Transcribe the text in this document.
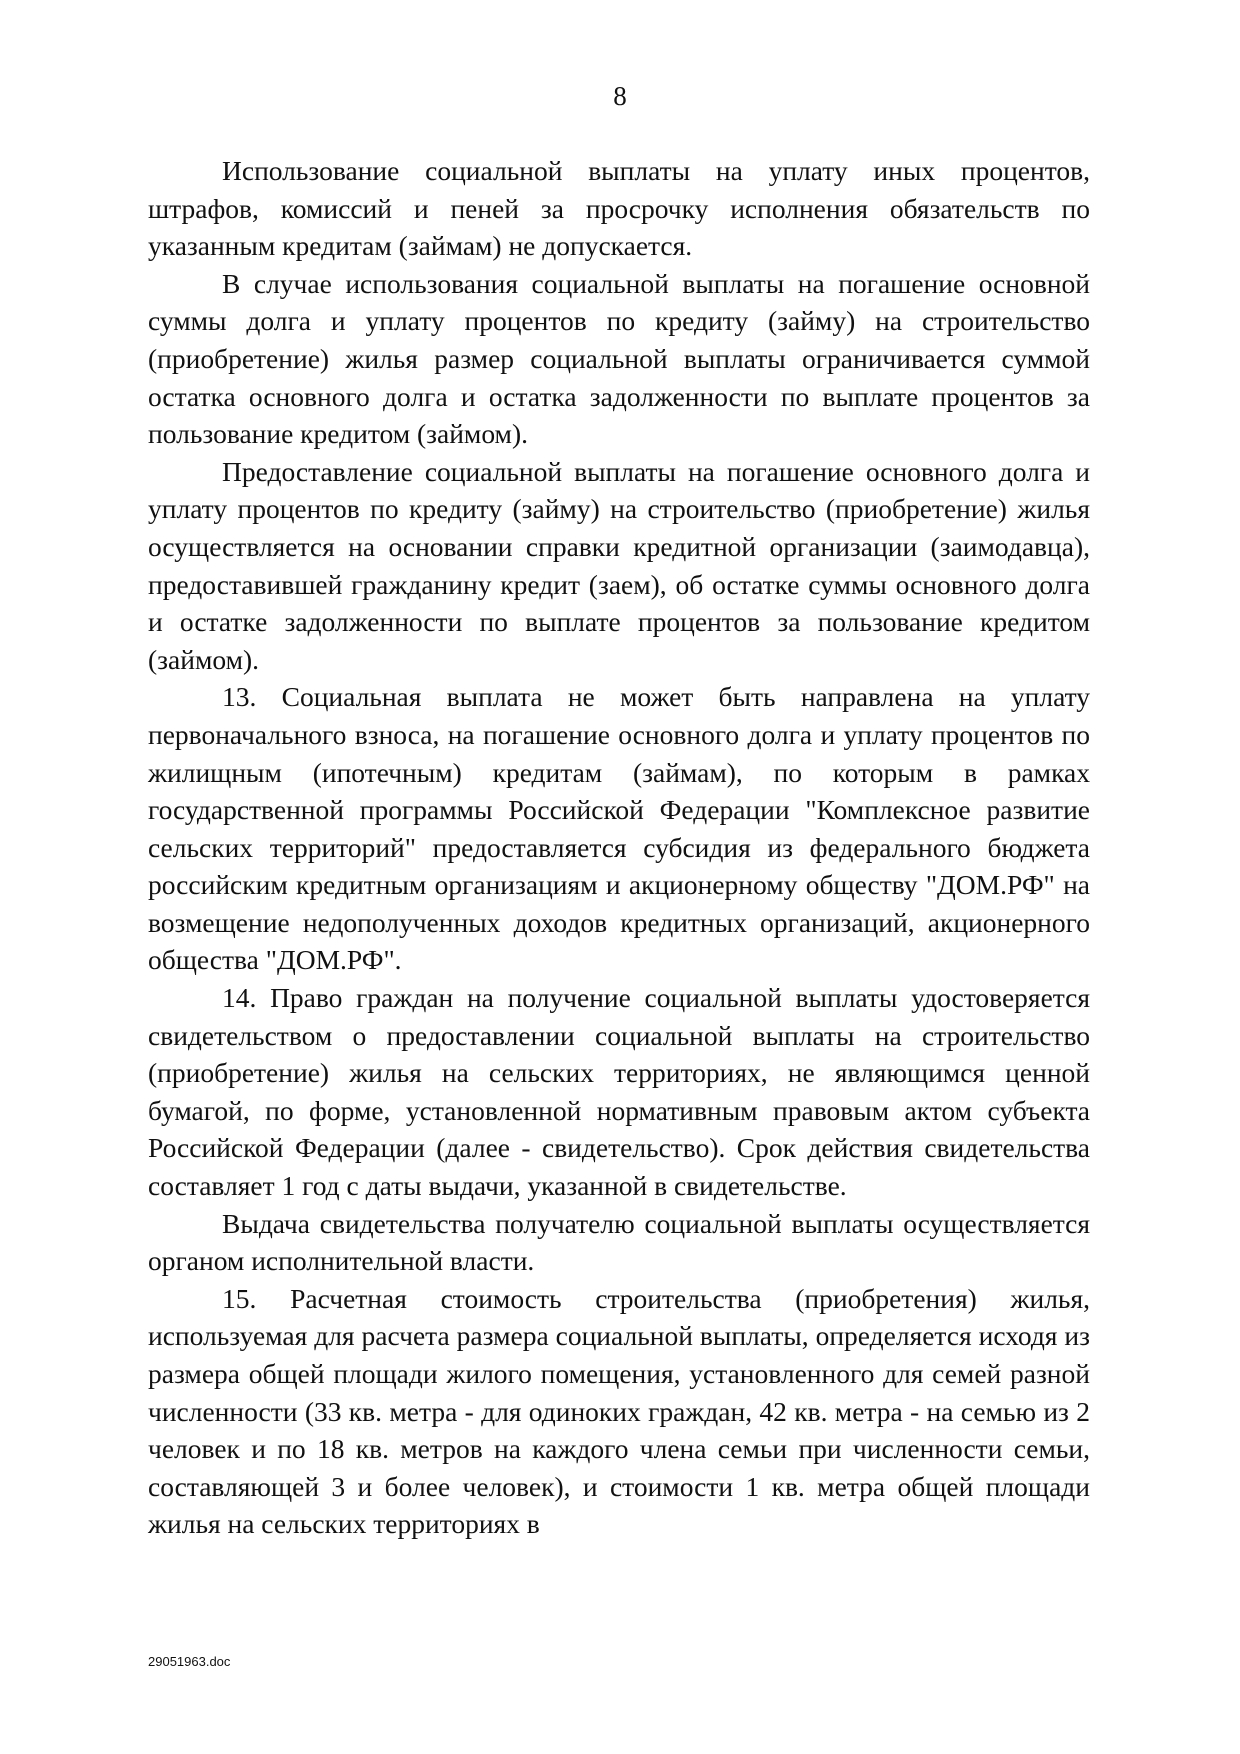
8

Использование социальной выплаты на уплату иных процентов, штрафов, комиссий и пеней за просрочку исполнения обязательств по указанным кредитам (займам) не допускается.

В случае использования социальной выплаты на погашение основной суммы долга и уплату процентов по кредиту (займу) на строительство (приобретение) жилья размер социальной выплаты ограничивается суммой остатка основного долга и остатка задолженности по выплате процентов за пользование кредитом (займом).

Предоставление социальной выплаты на погашение основного долга и уплату процентов по кредиту (займу) на строительство (приобретение) жилья осуществляется на основании справки кредитной организации (заимодавца), предоставившей гражданину кредит (заем), об остатке суммы основного долга и остатке задолженности по выплате процентов за пользование кредитом (займом).

13. Социальная выплата не может быть направлена на уплату первоначального взноса, на погашение основного долга и уплату процентов по жилищным (ипотечным) кредитам (займам), по которым в рамках государственной программы Российской Федерации "Комплексное развитие сельских территорий" предоставляется субсидия из федерального бюджета российским кредитным организациям и акционерному обществу "ДОМ.РФ" на возмещение недополученных доходов кредитных организаций, акционерного общества "ДОМ.РФ".

14. Право граждан на получение социальной выплаты удостоверяется свидетельством о предоставлении социальной выплаты на строительство (приобретение) жилья на сельских территориях, не являющимся ценной бумагой, по форме, установленной нормативным правовым актом субъекта Российской Федерации (далее - свидетельство). Срок действия свидетельства составляет 1 год с даты выдачи, указанной в свидетельстве.

Выдача свидетельства получателю социальной выплаты осуществляется органом исполнительной власти.

15. Расчетная стоимость строительства (приобретения) жилья, используемая для расчета размера социальной выплаты, определяется исходя из размера общей площади жилого помещения, установленного для семей разной численности (33 кв. метра - для одиноких граждан, 42 кв. метра - на семью из 2 человек и по 18 кв. метров на каждого члена семьи при численности семьи, составляющей 3 и более человек), и стоимости 1 кв. метра общей площади жилья на сельских территориях в

29051963.doc
